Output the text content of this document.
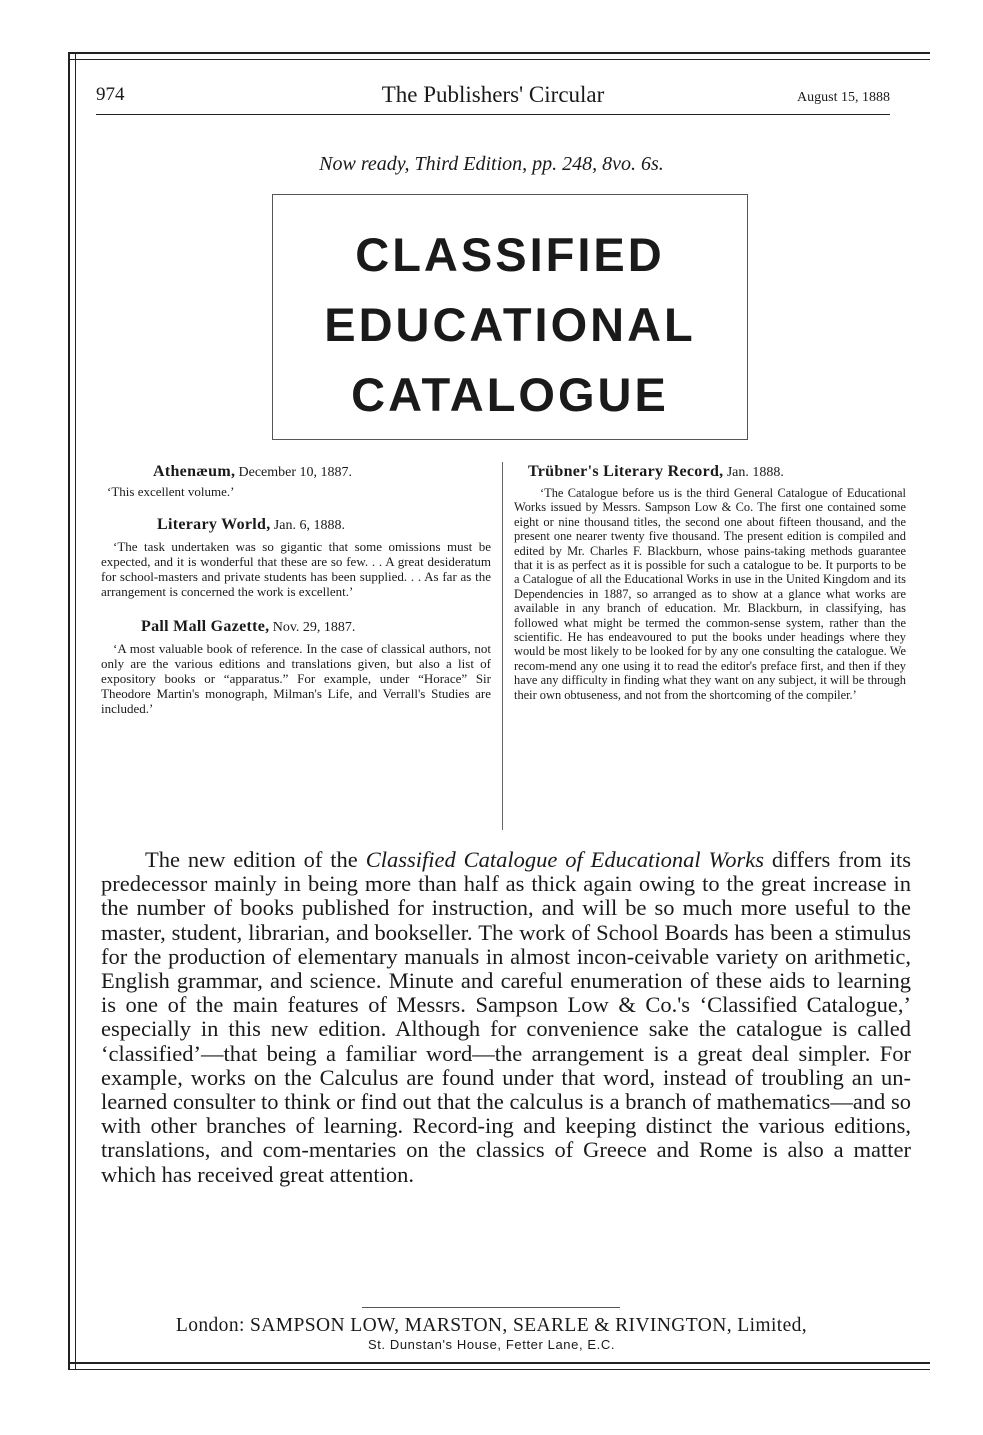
974	The Publishers' Circular	August 15, 1888
Now ready, Third Edition, pp. 248, 8vo. 6s.
CLASSIFIED
EDUCATIONAL
CATALOGUE
Athenæum, December 10, 1887.
‘This excellent volume.’
Literary World, Jan. 6, 1888.
‘The task undertaken was so gigantic that some omissions must be expected, and it is wonderful that these are so few. . . A great desideratum for school-masters and private students has been supplied. . . As far as the arrangement is concerned the work is excellent.’
Pall Mall Gazette, Nov. 29, 1887.
‘A most valuable book of reference. In the case of classical authors, not only are the various editions and translations given, but also a list of expository books or “apparatus.” For example, under “Horace” Sir Theodore Martin's monograph, Milman's Life, and Verrall's Studies are included.’
Trübner's Literary Record, Jan. 1888.
‘The Catalogue before us is the third General Catalogue of Educational Works issued by Messrs. Sampson Low & Co. The first one contained some eight or nine thousand titles, the second one about fifteen thousand, and the present one nearer twenty five thousand. The present edition is compiled and edited by Mr. Charles F. Blackburn, whose pains-taking methods guarantee that it is as perfect as it is possible for such a catalogue to be. It purports to be a Catalogue of all the Educational Works in use in the United Kingdom and its Dependencies in 1887, so arranged as to show at a glance what works are available in any branch of education. Mr. Blackburn, in classifying, has followed what might be termed the common-sense system, rather than the scientific. He has endeavoured to put the books under headings where they would be most likely to be looked for by any one consulting the catalogue. We recom-mend any one using it to read the editor's preface first, and then if they have any difficulty in finding what they want on any subject, it will be through their own obtuseness, and not from the shortcoming of the compiler.’
The new edition of the Classified Catalogue of Educational Works differs from its predecessor mainly in being more than half as thick again owing to the great increase in the number of books published for instruction, and will be so much more useful to the master, student, librarian, and bookseller. The work of School Boards has been a stimulus for the production of elementary manuals in almost incon-ceivable variety on arithmetic, English grammar, and science. Minute and careful enumeration of these aids to learning is one of the main features of Messrs. Sampson Low & Co.'s ‘Classified Catalogue,’ especially in this new edition. Although for convenience sake the catalogue is called ‘classified’—that being a familiar word—the arrangement is a great deal simpler. For example, works on the Calculus are found under that word, instead of troubling an un-learned consulter to think or find out that the calculus is a branch of mathematics—and so with other branches of learning. Record-ing and keeping distinct the various editions, translations, and com-mentaries on the classics of Greece and Rome is also a matter which has received great attention.
London: SAMPSON LOW, MARSTON, SEARLE & RIVINGTON, Limited,
St. Dunstan's House, Fetter Lane, E.C.
